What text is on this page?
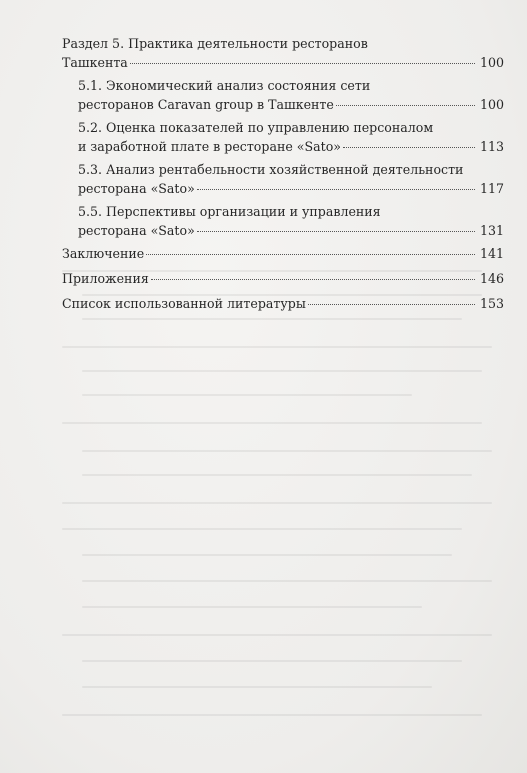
Раздел 5. Практика деятельности ресторанов
Ташкента	100
5.1. Экономический анализ состояния сети
ресторанов Caravan group в Ташкенте	100
5.2. Оценка показателей по управлению персоналом
и заработной плате в ресторане «Sato»	113
5.3. Анализ рентабельности хозяйственной деятельности
ресторана «Sato»	117
5.5. Перспективы организации и управления
ресторана «Sato»	131
Заключение	141
Приложения	146
Список использованной литературы	153
